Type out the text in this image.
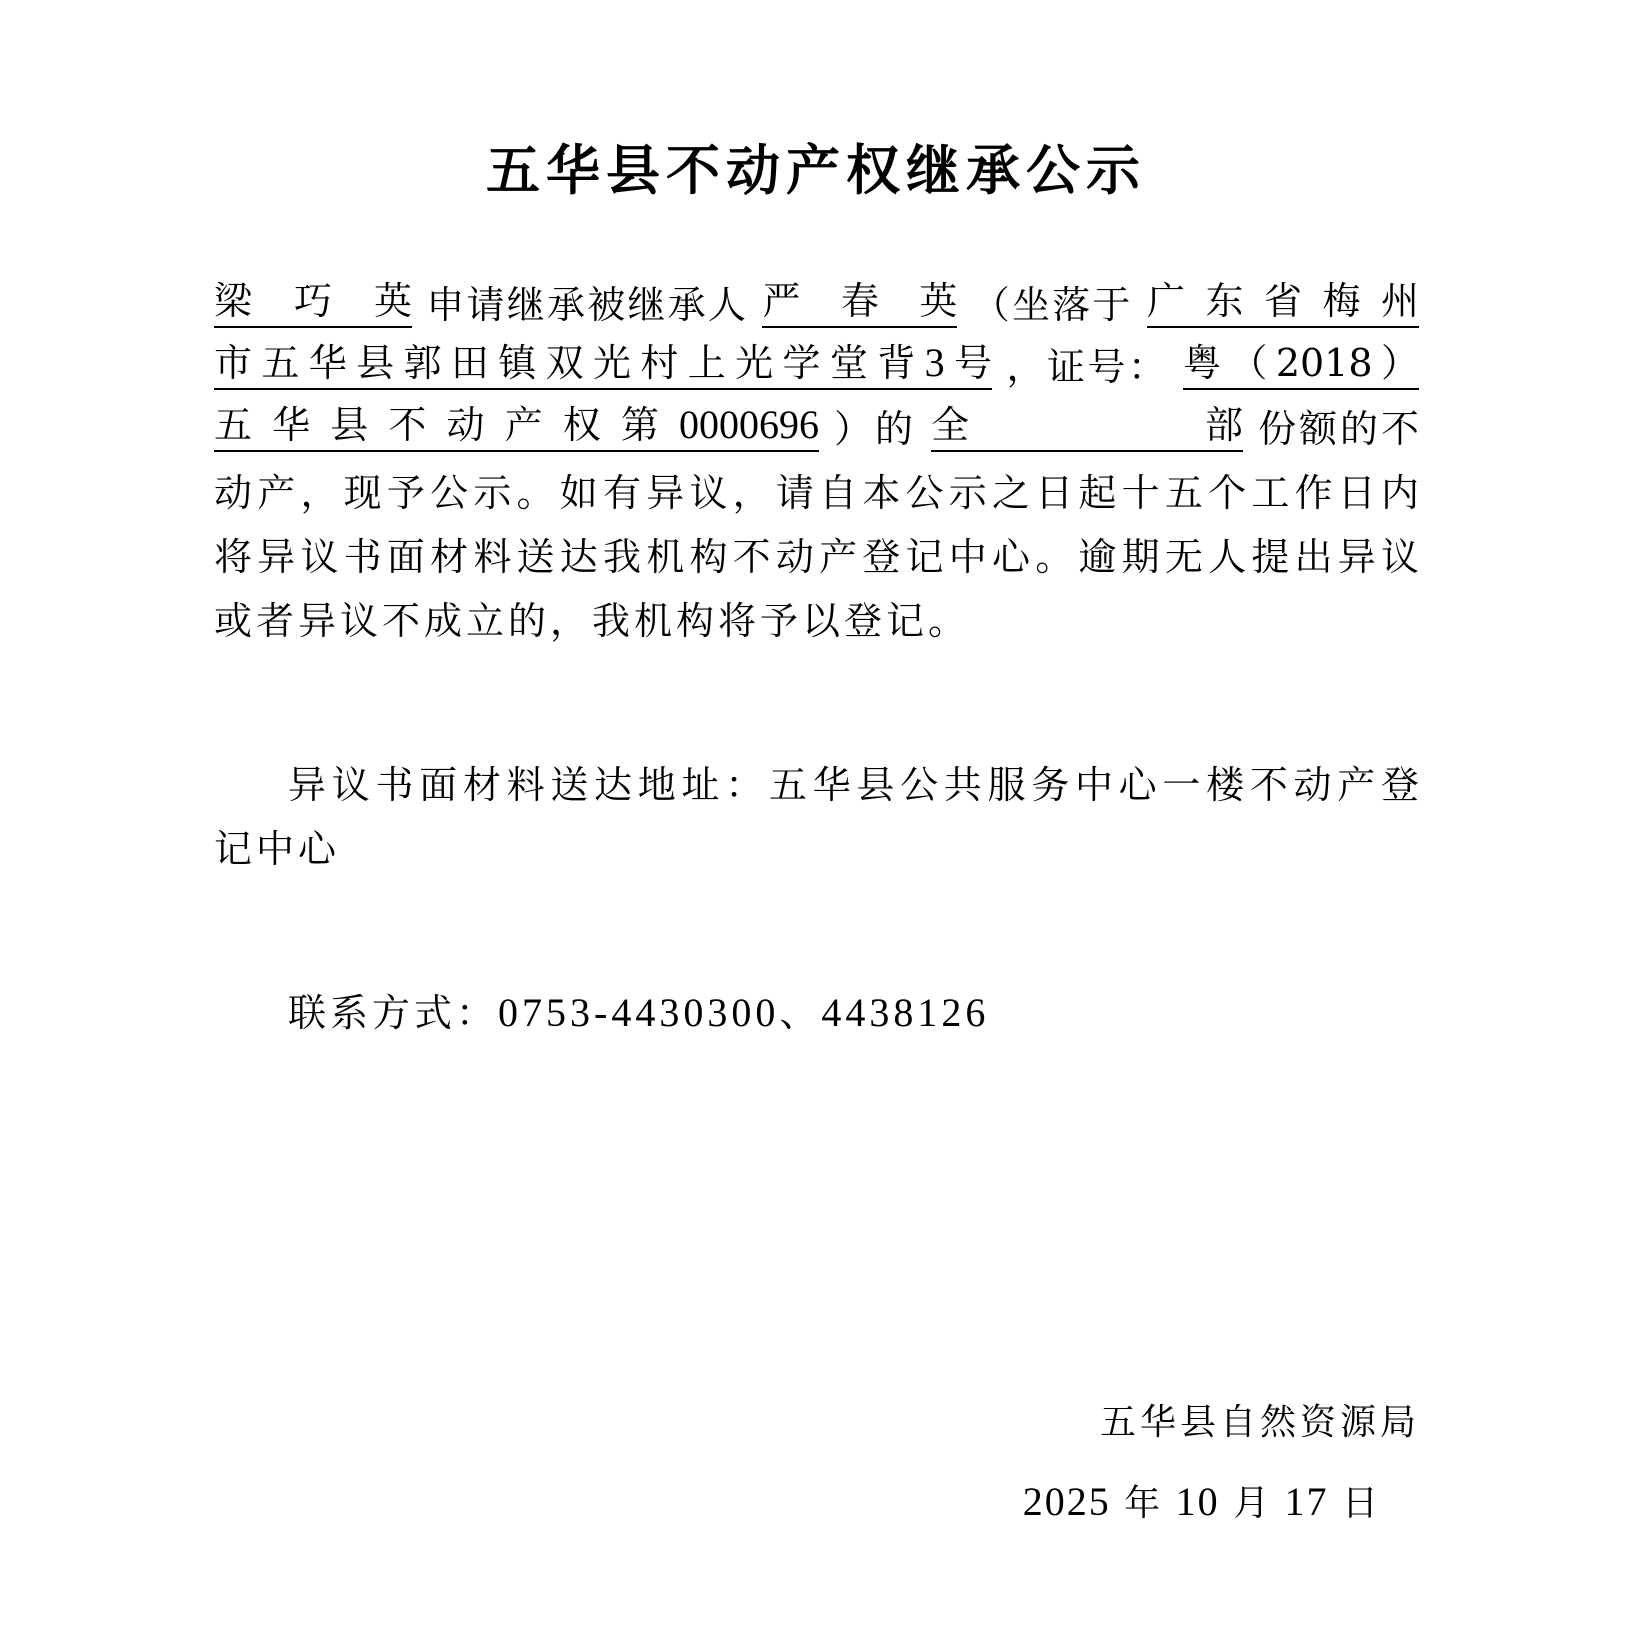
五华县不动产权继承公示
梁巧英 申请继承被继承人 严春英 （坐落于 广东省梅州
市五华县郭田镇双光村上光学堂背3号 ，证号： 粤（2018）
五华县不动产权第0000696 ）的 全部 份额的不
动产，现予公示。如有异议，请自本公示之日起十五个工作日内
将异议书面材料送达我机构不动产登记中心。逾期无人提出异议
或者异议不成立的，我机构将予以登记。
异议书面材料送达地址：五华县公共服务中心一楼不动产登
记中心
联系方式：0753-4430300、4438126
五华县自然资源局
2025 年 10 月 17 日
